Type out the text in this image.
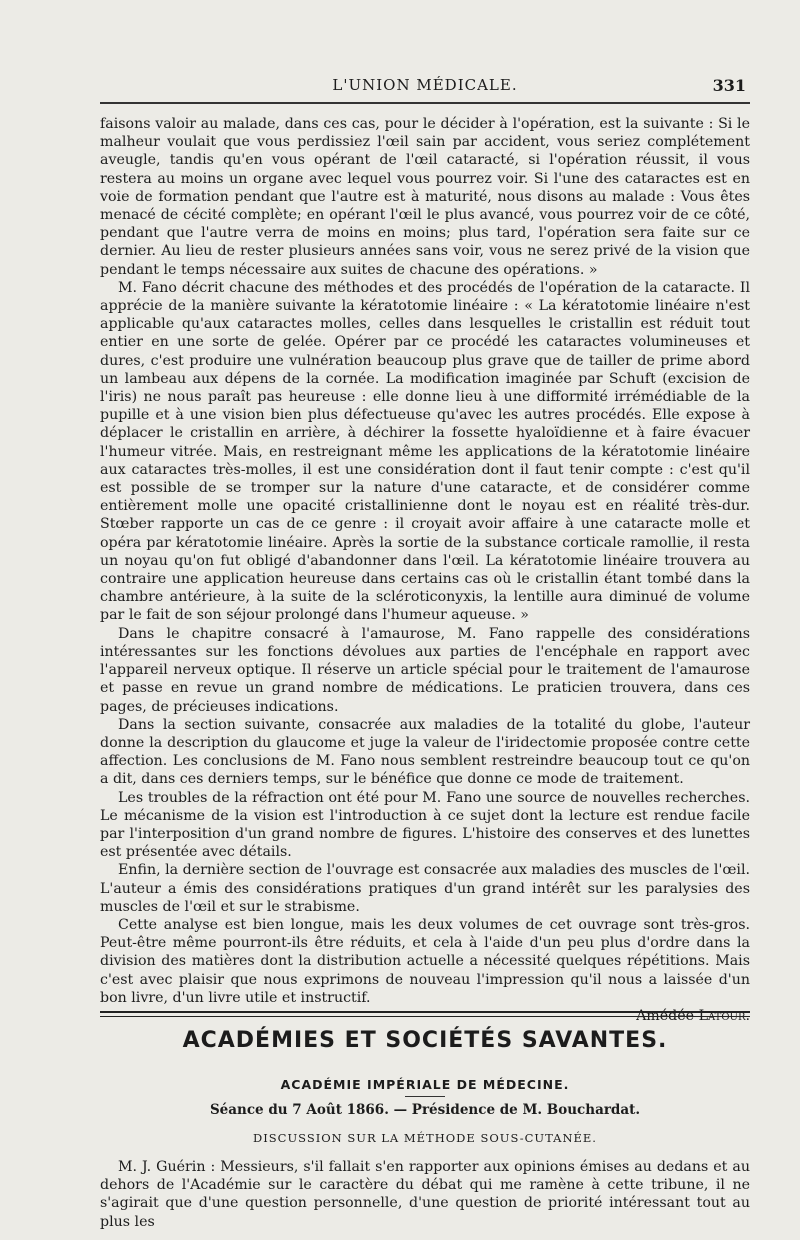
L'UNION MÉDICALE.	331

faisons valoir au malade, dans ces cas, pour le décider à l'opération, est la suivante : Si le malheur voulait que vous perdissiez l'œil sain par accident, vous seriez complétement aveugle, tandis qu'en vous opérant de l'œil cataracté, si l'opération réussit, il vous restera au moins un organe avec lequel vous pourrez voir. Si l'une des cataractes est en voie de formation pendant que l'autre est à maturité, nous disons au malade : Vous êtes menacé de cécité complète; en opérant l'œil le plus avancé, vous pourrez voir de ce côté, pendant que l'autre verra de moins en moins; plus tard, l'opération sera faite sur ce dernier. Au lieu de rester plusieurs années sans voir, vous ne serez privé de la vision que pendant le temps nécessaire aux suites de chacune des opérations. »

M. Fano décrit chacune des méthodes et des procédés de l'opération de la cataracte. Il apprécie de la manière suivante la kératotomie linéaire : « La kératotomie linéaire n'est applicable qu'aux cataractes molles, celles dans lesquelles le cristallin est réduit tout entier en une sorte de gelée. Opérer par ce procédé les cataractes volumineuses et dures, c'est produire une vulnération beaucoup plus grave que de tailler de prime abord un lambeau aux dépens de la cornée. La modification imaginée par Schuft (excision de l'iris) ne nous paraît pas heureuse : elle donne lieu à une difformité irrémédiable de la pupille et à une vision bien plus défectueuse qu'avec les autres procédés. Elle expose à déplacer le cristallin en arrière, à déchirer la fossette hyaloïdienne et à faire évacuer l'humeur vitrée. Mais, en restreignant même les applications de la kératotomie linéaire aux cataractes très-molles, il est une considération dont il faut tenir compte : c'est qu'il est possible de se tromper sur la nature d'une cataracte, et de considérer comme entièrement molle une opacité cristallinienne dont le noyau est en réalité très-dur. Stœber rapporte un cas de ce genre : il croyait avoir affaire à une cataracte molle et opéra par kératotomie linéaire. Après la sortie de la substance corticale ramollie, il resta un noyau qu'on fut obligé d'abandonner dans l'œil. La kératotomie linéaire trouvera au contraire une application heureuse dans certains cas où le cristallin étant tombé dans la chambre antérieure, à la suite de la scléroticonyxis, la lentille aura diminué de volume par le fait de son séjour prolongé dans l'humeur aqueuse. »

Dans le chapitre consacré à l'amaurose, M. Fano rappelle des considérations intéressantes sur les fonctions dévolues aux parties de l'encéphale en rapport avec l'appareil nerveux optique. Il réserve un article spécial pour le traitement de l'amaurose et passe en revue un grand nombre de médications. Le praticien trouvera, dans ces pages, de précieuses indications.

Dans la section suivante, consacrée aux maladies de la totalité du globe, l'auteur donne la description du glaucome et juge la valeur de l'iridectomie proposée contre cette affection. Les conclusions de M. Fano nous semblent restreindre beaucoup tout ce qu'on a dit, dans ces derniers temps, sur le bénéfice que donne ce mode de traitement.

Les troubles de la réfraction ont été pour M. Fano une source de nouvelles recherches. Le mécanisme de la vision est l'introduction à ce sujet dont la lecture est rendue facile par l'interposition d'un grand nombre de figures. L'histoire des conserves et des lunettes est présentée avec détails.

Enfin, la dernière section de l'ouvrage est consacrée aux maladies des muscles de l'œil. L'auteur a émis des considérations pratiques d'un grand intérêt sur les paralysies des muscles de l'œil et sur le strabisme.

Cette analyse est bien longue, mais les deux volumes de cet ouvrage sont très-gros. Peut-être même pourront-ils être réduits, et cela à l'aide d'un peu plus d'ordre dans la division des matières dont la distribution actuelle a nécessité quelques répétitions. Mais c'est avec plaisir que nous exprimons de nouveau l'impression qu'il nous a laissée d'un bon livre, d'un livre utile et instructif.

Amédée Latour.
ACADÉMIES ET SOCIÉTÉS SAVANTES.
ACADÉMIE IMPÉRIALE DE MÉDECINE.
Séance du 7 Août 1866. — Présidence de M. Bouchardat.
DISCUSSION SUR LA MÉTHODE SOUS-CUTANÉE.

M. J. Guérin : Messieurs, s'il fallait s'en rapporter aux opinions émises au dedans et au dehors de l'Académie sur le caractère du débat qui me ramène à cette tribune, il ne s'agirait que d'une question personnelle, d'une question de priorité intéressant tout au plus les
